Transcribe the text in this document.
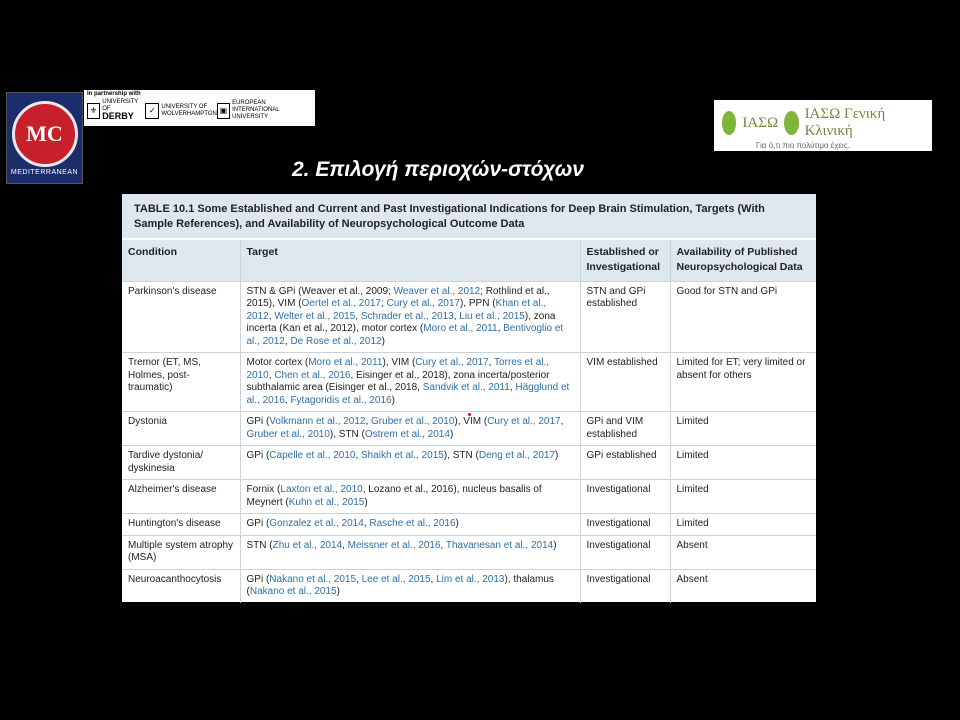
MC
MEDITERRANEAN
In partnership with
⚜
UNIVERSITY OF
DERBY
✓ UNIVERSITY OF
WOLVERHAMPTON ▣
EUROPEAN
INTERNATIONAL UNIVERSITY	ΙΑΣΩ
ΙΑΣΩ Γενική Κλινική
Για ό,τι πιο πολύτιμο έχεις.
2. Επιλογή περιοχών-στόχων
TABLE 10.1 Some Established and Current and Past Investigational Indications for Deep Brain Stimulation, Targets (With Sample References), and Availability of Neuropsychological Outcome Data
Condition	Target	Established or Investigational	Availability of Published Neuropsychological Data
Parkinson's disease	STN & GPi (Weaver et al., 2009; Weaver et al., 2012; Rothlind et al., 2015), VIM (Oertel et al., 2017; Cury et al., 2017), PPN (Khan et al., 2012, Welter et al., 2015, Schrader et al., 2013, Liu et al., 2015), zona incerta (Kan et al., 2012), motor cortex (Moro et al., 2011, Bentivoglio et al., 2012, De Rose et al., 2012)	STN and GPi established	Good for STN and GPi
Tremor (ET, MS, Holmes, post-traumatic)	Motor cortex (Moro et al., 2011), VIM (Cury et al., 2017, Torres et al., 2010, Chen et al., 2016, Eisinger et al., 2018), zona incerta/posterior subthalamic area (Eisinger et al., 2018, Sandvik et al., 2011, Hägglund et al., 2016, Fytagoridis et al., 2016)	VIM established	Limited for ET; very limited or absent for others
Dystonia	GPi (Volkmann et al., 2012, Gruber et al., 2010), VIM (Cury et al., 2017, Gruber et al., 2010), STN (Ostrem et al., 2014)	GPi and VIM established	Limited
Tardive dystonia/ dyskinesia	GPi (Capelle et al., 2010, Shaikh et al., 2015), STN (Deng et al., 2017)	GPi established	Limited
Alzheimer's disease	Fornix (Laxton et al., 2010, Lozano et al., 2016), nucleus basalis of Meynert (Kuhn et al., 2015)	Investigational	Limited
Huntington's disease	GPi (Gonzalez et al., 2014, Rasche et al., 2016)	Investigational	Limited
Multiple system atrophy (MSA)	STN (Zhu et al., 2014, Meissner et al., 2016, Thavanesan et al., 2014)	Investigational	Absent
Neuroacanthocytosis	GPi (Nakano et al., 2015, Lee et al., 2015, Lim et al., 2013), thalamus (Nakano et al., 2015)	Investigational	Absent
